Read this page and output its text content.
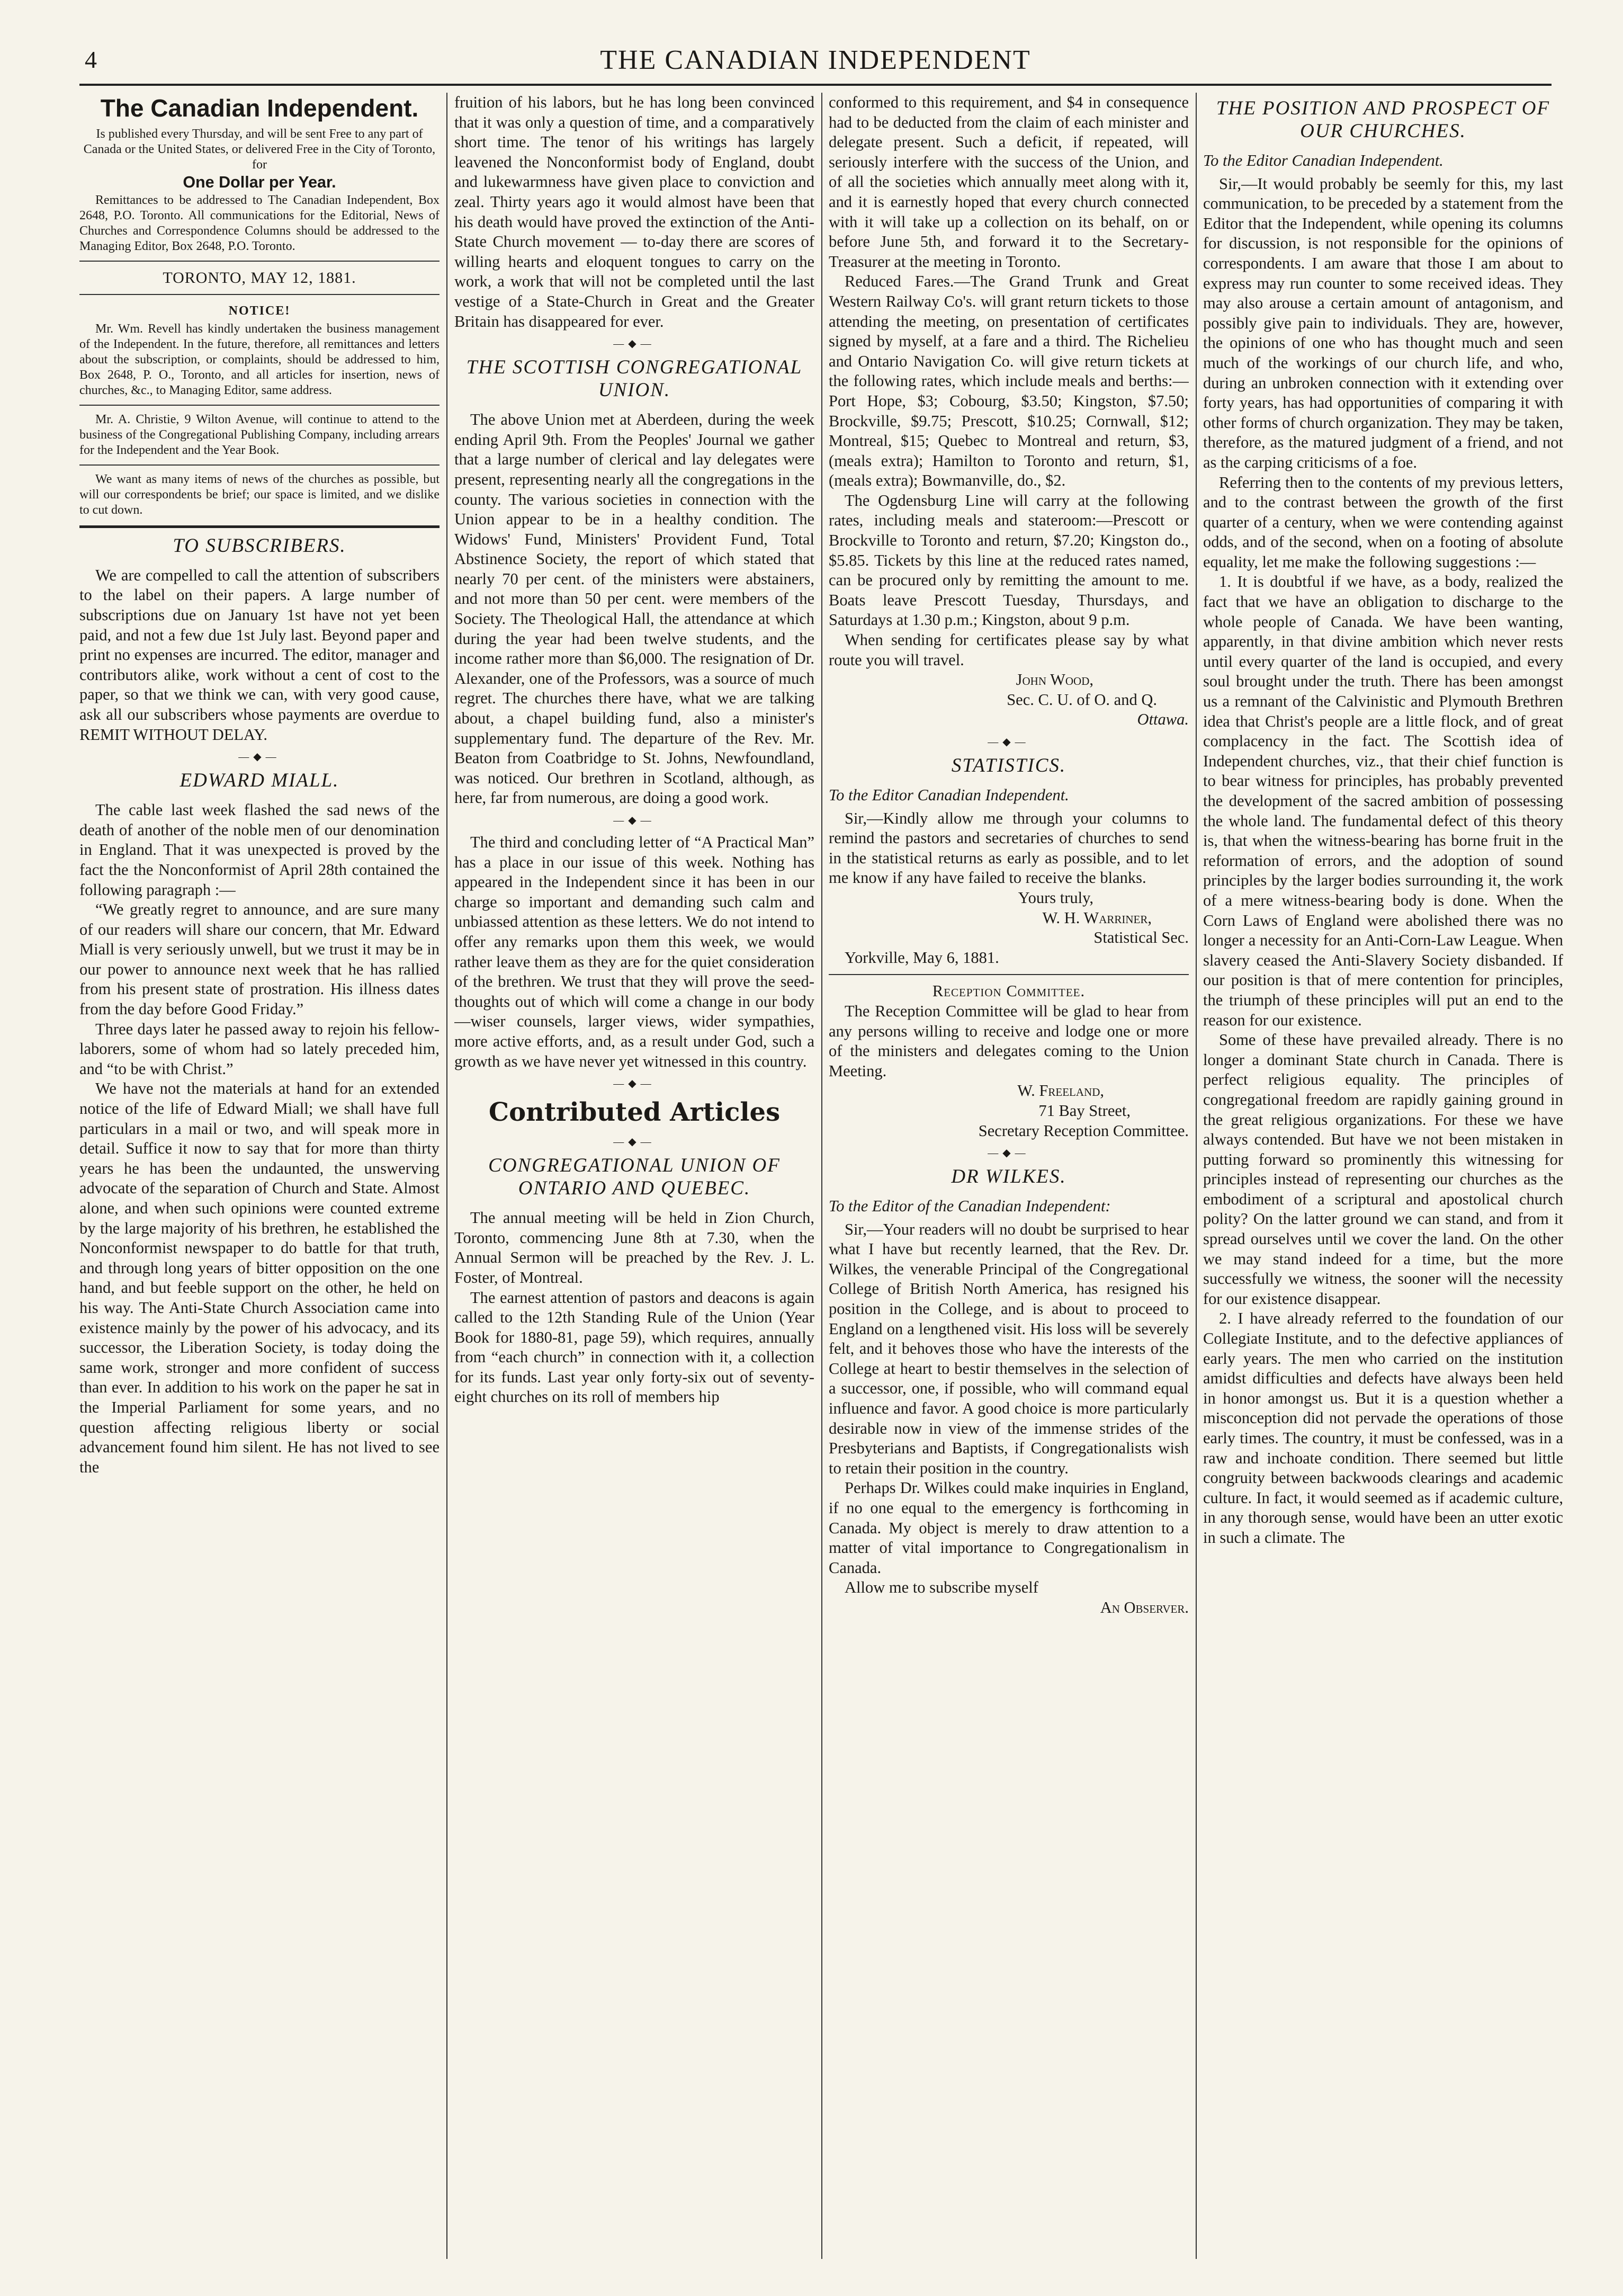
4	THE CANADIAN INDEPENDENT
The Canadian Independent.

Is published every Thursday, and will be sent Free to any part of Canada or the United States, or delivered Free in the City of Toronto, for

One Dollar per Year.

Remittances to be addressed to The Canadian Independent, Box 2648, P.O. Toronto. All communications for the Editorial, News of Churches and Correspondence Columns should be addressed to the Managing Editor, Box 2648, P.O. Toronto.

TORONTO, MAY 12, 1881.
NOTICE!

Mr. Wm. Revell has kindly undertaken the business management of the Independent. In the future, therefore, all remittances and letters about the subscription, or complaints, should be addressed to him, Box 2648, P. O., Toronto, and all articles for insertion, news of churches, &c., to Managing Editor, same address.

Mr. A. Christie, 9 Wilton Avenue, will continue to attend to the business of the Congregational Publishing Company, including arrears for the Independent and the Year Book.

We want as many items of news of the churches as possible, but will our correspondents be brief; our space is limited, and we dislike to cut down.

TO SUBSCRIBERS.

We are compelled to call the attention of subscribers to the label on their papers. A large number of subscriptions due on January 1st have not yet been paid, and not a few due 1st July last. Beyond paper and print no expenses are incurred. The editor, manager and contributors alike, work without a cent of cost to the paper, so that we think we can, with very good cause, ask all our subscribers whose payments are overdue to REMIT WITHOUT DELAY.

—◆—
EDWARD MIALL.

The cable last week flashed the sad news of the death of another of the noble men of our denomination in England. That it was unexpected is proved by the fact the the Nonconformist of April 28th contained the following paragraph :—

“We greatly regret to announce, and are sure many of our readers will share our concern, that Mr. Edward Miall is very seriously unwell, but we trust it may be in our power to announce next week that he has rallied from his present state of prostration. His illness dates from the day before Good Friday.”

Three days later he passed away to rejoin his fellow-laborers, some of whom had so lately preceded him, and “to be with Christ.”

We have not the materials at hand for an extended notice of the life of Edward Miall; we shall have full particulars in a mail or two, and will speak more in detail. Suffice it now to say that for more than thirty years he has been the undaunted, the unswerving advocate of the separation of Church and State. Almost alone, and when such opinions were counted extreme by the large majority of his brethren, he established the Nonconformist newspaper to do battle for that truth, and through long years of bitter opposition on the one hand, and but feeble support on the other, he held on his way. The Anti-State Church Association came into existence mainly by the power of his advocacy, and its successor, the Liberation Society, is today doing the same work, stronger and more confident of success than ever. In addition to his work on the paper he sat in the Imperial Parliament for some years, and no question affecting religious liberty or social advancement found him silent. He has not lived to see the

fruition of his labors, but he has long been convinced that it was only a question of time, and a comparatively short time. The tenor of his writings has largely leavened the Nonconformist body of England, doubt and lukewarmness have given place to conviction and zeal. Thirty years ago it would almost have been that his death would have proved the extinction of the Anti-State Church movement — to-day there are scores of willing hearts and eloquent tongues to carry on the work, a work that will not be completed until the last vestige of a State-Church in Great and the Greater Britain has disappeared for ever.

—◆—
THE SCOTTISH CONGREGATIONAL UNION.

The above Union met at Aberdeen, during the week ending April 9th. From the Peoples' Journal we gather that a large number of clerical and lay delegates were present, representing nearly all the congregations in the county. The various societies in connection with the Union appear to be in a healthy condition. The Widows' Fund, Ministers' Provident Fund, Total Abstinence Society, the report of which stated that nearly 70 per cent. of the ministers were abstainers, and not more than 50 per cent. were members of the Society. The Theological Hall, the attendance at which during the year had been twelve students, and the income rather more than $6,000. The resignation of Dr. Alexander, one of the Professors, was a source of much regret. The churches there have, what we are talking about, a chapel building fund, also a minister's supplementary fund. The departure of the Rev. Mr. Beaton from Coatbridge to St. Johns, Newfoundland, was noticed. Our brethren in Scotland, although, as here, far from numerous, are doing a good work.

—◆—

The third and concluding letter of “A Practical Man” has a place in our issue of this week. Nothing has appeared in the Independent since it has been in our charge so important and demanding such calm and unbiassed attention as these letters. We do not intend to offer any remarks upon them this week, we would rather leave them as they are for the quiet consideration of the brethren. We trust that they will prove the seed-thoughts out of which will come a change in our body—wiser counsels, larger views, wider sympathies, more active efforts, and, as a result under God, such a growth as we have never yet witnessed in this country.

—◆—
Contributed Articles
—◆—
CONGREGATIONAL UNION OF ONTARIO AND QUEBEC.

The annual meeting will be held in Zion Church, Toronto, commencing June 8th at 7.30, when the Annual Sermon will be preached by the Rev. J. L. Foster, of Montreal.

The earnest attention of pastors and deacons is again called to the 12th Standing Rule of the Union (Year Book for 1880-81, page 59), which requires, annually from “each church” in connection with it, a collection for its funds. Last year only forty-six out of seventy-eight churches on its roll of members hip

conformed to this requirement, and $4 in consequence had to be deducted from the claim of each minister and delegate present. Such a deficit, if repeated, will seriously interfere with the success of the Union, and of all the societies which annually meet along with it, and it is earnestly hoped that every church connected with it will take up a collection on its behalf, on or before June 5th, and forward it to the Secretary-Treasurer at the meeting in Toronto.

Reduced Fares.—The Grand Trunk and Great Western Railway Co's. will grant return tickets to those attending the meeting, on presentation of certificates signed by myself, at a fare and a third. The Richelieu and Ontario Navigation Co. will give return tickets at the following rates, which include meals and berths:—Port Hope, $3; Cobourg, $3.50; Kingston, $7.50; Brockville, $9.75; Prescott, $10.25; Cornwall, $12; Montreal, $15; Quebec to Montreal and return, $3, (meals extra); Hamilton to Toronto and return, $1, (meals extra); Bowmanville, do., $2.

The Ogdensburg Line will carry at the following rates, including meals and stateroom:—Prescott or Brockville to Toronto and return, $7.20; Kingston do., $5.85. Tickets by this line at the reduced rates named, can be procured only by remitting the amount to me. Boats leave Prescott Tuesday, Thursdays, and Saturdays at 1.30 p.m.; Kingston, about 9 p.m.

When sending for certificates please say by what route you will travel.

John Wood,

Sec. C. U. of O. and Q.

Ottawa.

—◆—
STATISTICS.

To the Editor Canadian Independent.

Sir,—Kindly allow me through your columns to remind the pastors and secretaries of churches to send in the statistical returns as early as possible, and to let me know if any have failed to receive the blanks.

Yours truly,

W. H. Warriner,

Statistical Sec.

Yorkville, May 6, 1881.

Reception Committee.

The Reception Committee will be glad to hear from any persons willing to receive and lodge one or more of the ministers and delegates coming to the Union Meeting.

W. Freeland,

71 Bay Street,

Secretary Reception Committee.

—◆—
DR WILKES.

To the Editor of the Canadian Independent:

Sir,—Your readers will no doubt be surprised to hear what I have but recently learned, that the Rev. Dr. Wilkes, the venerable Principal of the Congregational College of British North America, has resigned his position in the College, and is about to proceed to England on a lengthened visit. His loss will be severely felt, and it behoves those who have the interests of the College at heart to bestir themselves in the selection of a successor, one, if possible, who will command equal influence and favor. A good choice is more particularly desirable now in view of the immense strides of the Presbyterians and Baptists, if Congregationalists wish to retain their position in the country.

Perhaps Dr. Wilkes could make inquiries in England, if no one equal to the emergency is forthcoming in Canada. My object is merely to draw attention to a matter of vital importance to Congregationalism in Canada.

Allow me to subscribe myself

An Observer.

THE POSITION AND PROSPECT OF OUR CHURCHES.

To the Editor Canadian Independent.

Sir,—It would probably be seemly for this, my last communication, to be preceded by a statement from the Editor that the Independent, while opening its columns for discussion, is not responsible for the opinions of correspondents. I am aware that those I am about to express may run counter to some received ideas. They may also arouse a certain amount of antagonism, and possibly give pain to individuals. They are, however, the opinions of one who has thought much and seen much of the workings of our church life, and who, during an unbroken connection with it extending over forty years, has had opportunities of comparing it with other forms of church organization. They may be taken, therefore, as the matured judgment of a friend, and not as the carping criticisms of a foe.

Referring then to the contents of my previous letters, and to the contrast between the growth of the first quarter of a century, when we were contending against odds, and of the second, when on a footing of absolute equality, let me make the following suggestions :—

1. It is doubtful if we have, as a body, realized the fact that we have an obligation to discharge to the whole people of Canada. We have been wanting, apparently, in that divine ambition which never rests until every quarter of the land is occupied, and every soul brought under the truth. There has been amongst us a remnant of the Calvinistic and Plymouth Brethren idea that Christ's people are a little flock, and of great complacency in the fact. The Scottish idea of Independent churches, viz., that their chief function is to bear witness for principles, has probably prevented the development of the sacred ambition of possessing the whole land. The fundamental defect of this theory is, that when the witness-bearing has borne fruit in the reformation of errors, and the adoption of sound principles by the larger bodies surrounding it, the work of a mere witness-bearing body is done. When the Corn Laws of England were abolished there was no longer a necessity for an Anti-Corn-Law League. When slavery ceased the Anti-Slavery Society disbanded. If our position is that of mere contention for principles, the triumph of these principles will put an end to the reason for our existence.

Some of these have prevailed already. There is no longer a dominant State church in Canada. There is perfect religious equality. The principles of congregational freedom are rapidly gaining ground in the great religious organizations. For these we have always contended. But have we not been mistaken in putting forward so prominently this witnessing for principles instead of representing our churches as the embodiment of a scriptural and apostolical church polity? On the latter ground we can stand, and from it spread ourselves until we cover the land. On the other we may stand indeed for a time, but the more successfully we witness, the sooner will the necessity for our existence disappear.

2. I have already referred to the foundation of our Collegiate Institute, and to the defective appliances of early years. The men who carried on the institution amidst difficulties and defects have always been held in honor amongst us. But it is a question whether a misconception did not pervade the operations of those early times. The country, it must be confessed, was in a raw and inchoate condition. There seemed but little congruity between backwoods clearings and academic culture. In fact, it would seemed as if academic culture, in any thorough sense, would have been an utter exotic in such a climate. The
